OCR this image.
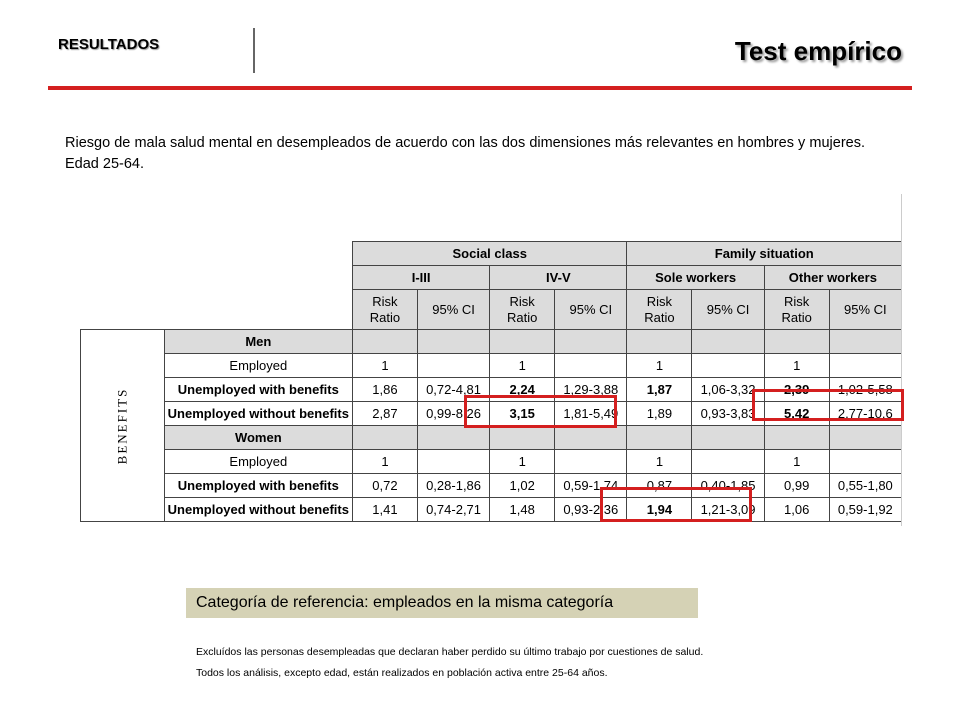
RESULTADOS	Test empírico
Riesgo de mala salud mental en desempleados de acuerdo con las dos dimensiones más relevantes en hombres y mujeres. Edad 25-64.
		Social class				Family situation			
		I-III		IV-V		Sole workers		Other workers	
		Risk Ratio	95% CI	Risk Ratio	95% CI	Risk Ratio	95% CI	Risk Ratio	95% CI
BENEFITS	Men								
	Employed	1		1		1		1	
	Unemployed with benefits	1,86	0,72-4,81	2,24	1,29-3,88	1,87	1,06-3,32	2,39	1,02-5,58
	Unemployed without benefits	2,87	0,99-8,26	3,15	1,81-5,49	1,89	0,93-3,83	5,42	2,77-10,6
	Women								
	Employed	1		1		1		1	
	Unemployed with benefits	0,72	0,28-1,86	1,02	0,59-1,74	0,87	0,40-1,85	0,99	0,55-1,80
	Unemployed without benefits	1,41	0,74-2,71	1,48	0,93-2,36	1,94	1,21-3,09	1,06	0,59-1,92
Categoría de referencia: empleados en la misma categoría
Excluídos las personas desempleadas que declaran haber perdido su último trabajo por cuestiones de salud.
Todos los análisis, excepto edad, están realizados en población activa entre 25-64 años.
